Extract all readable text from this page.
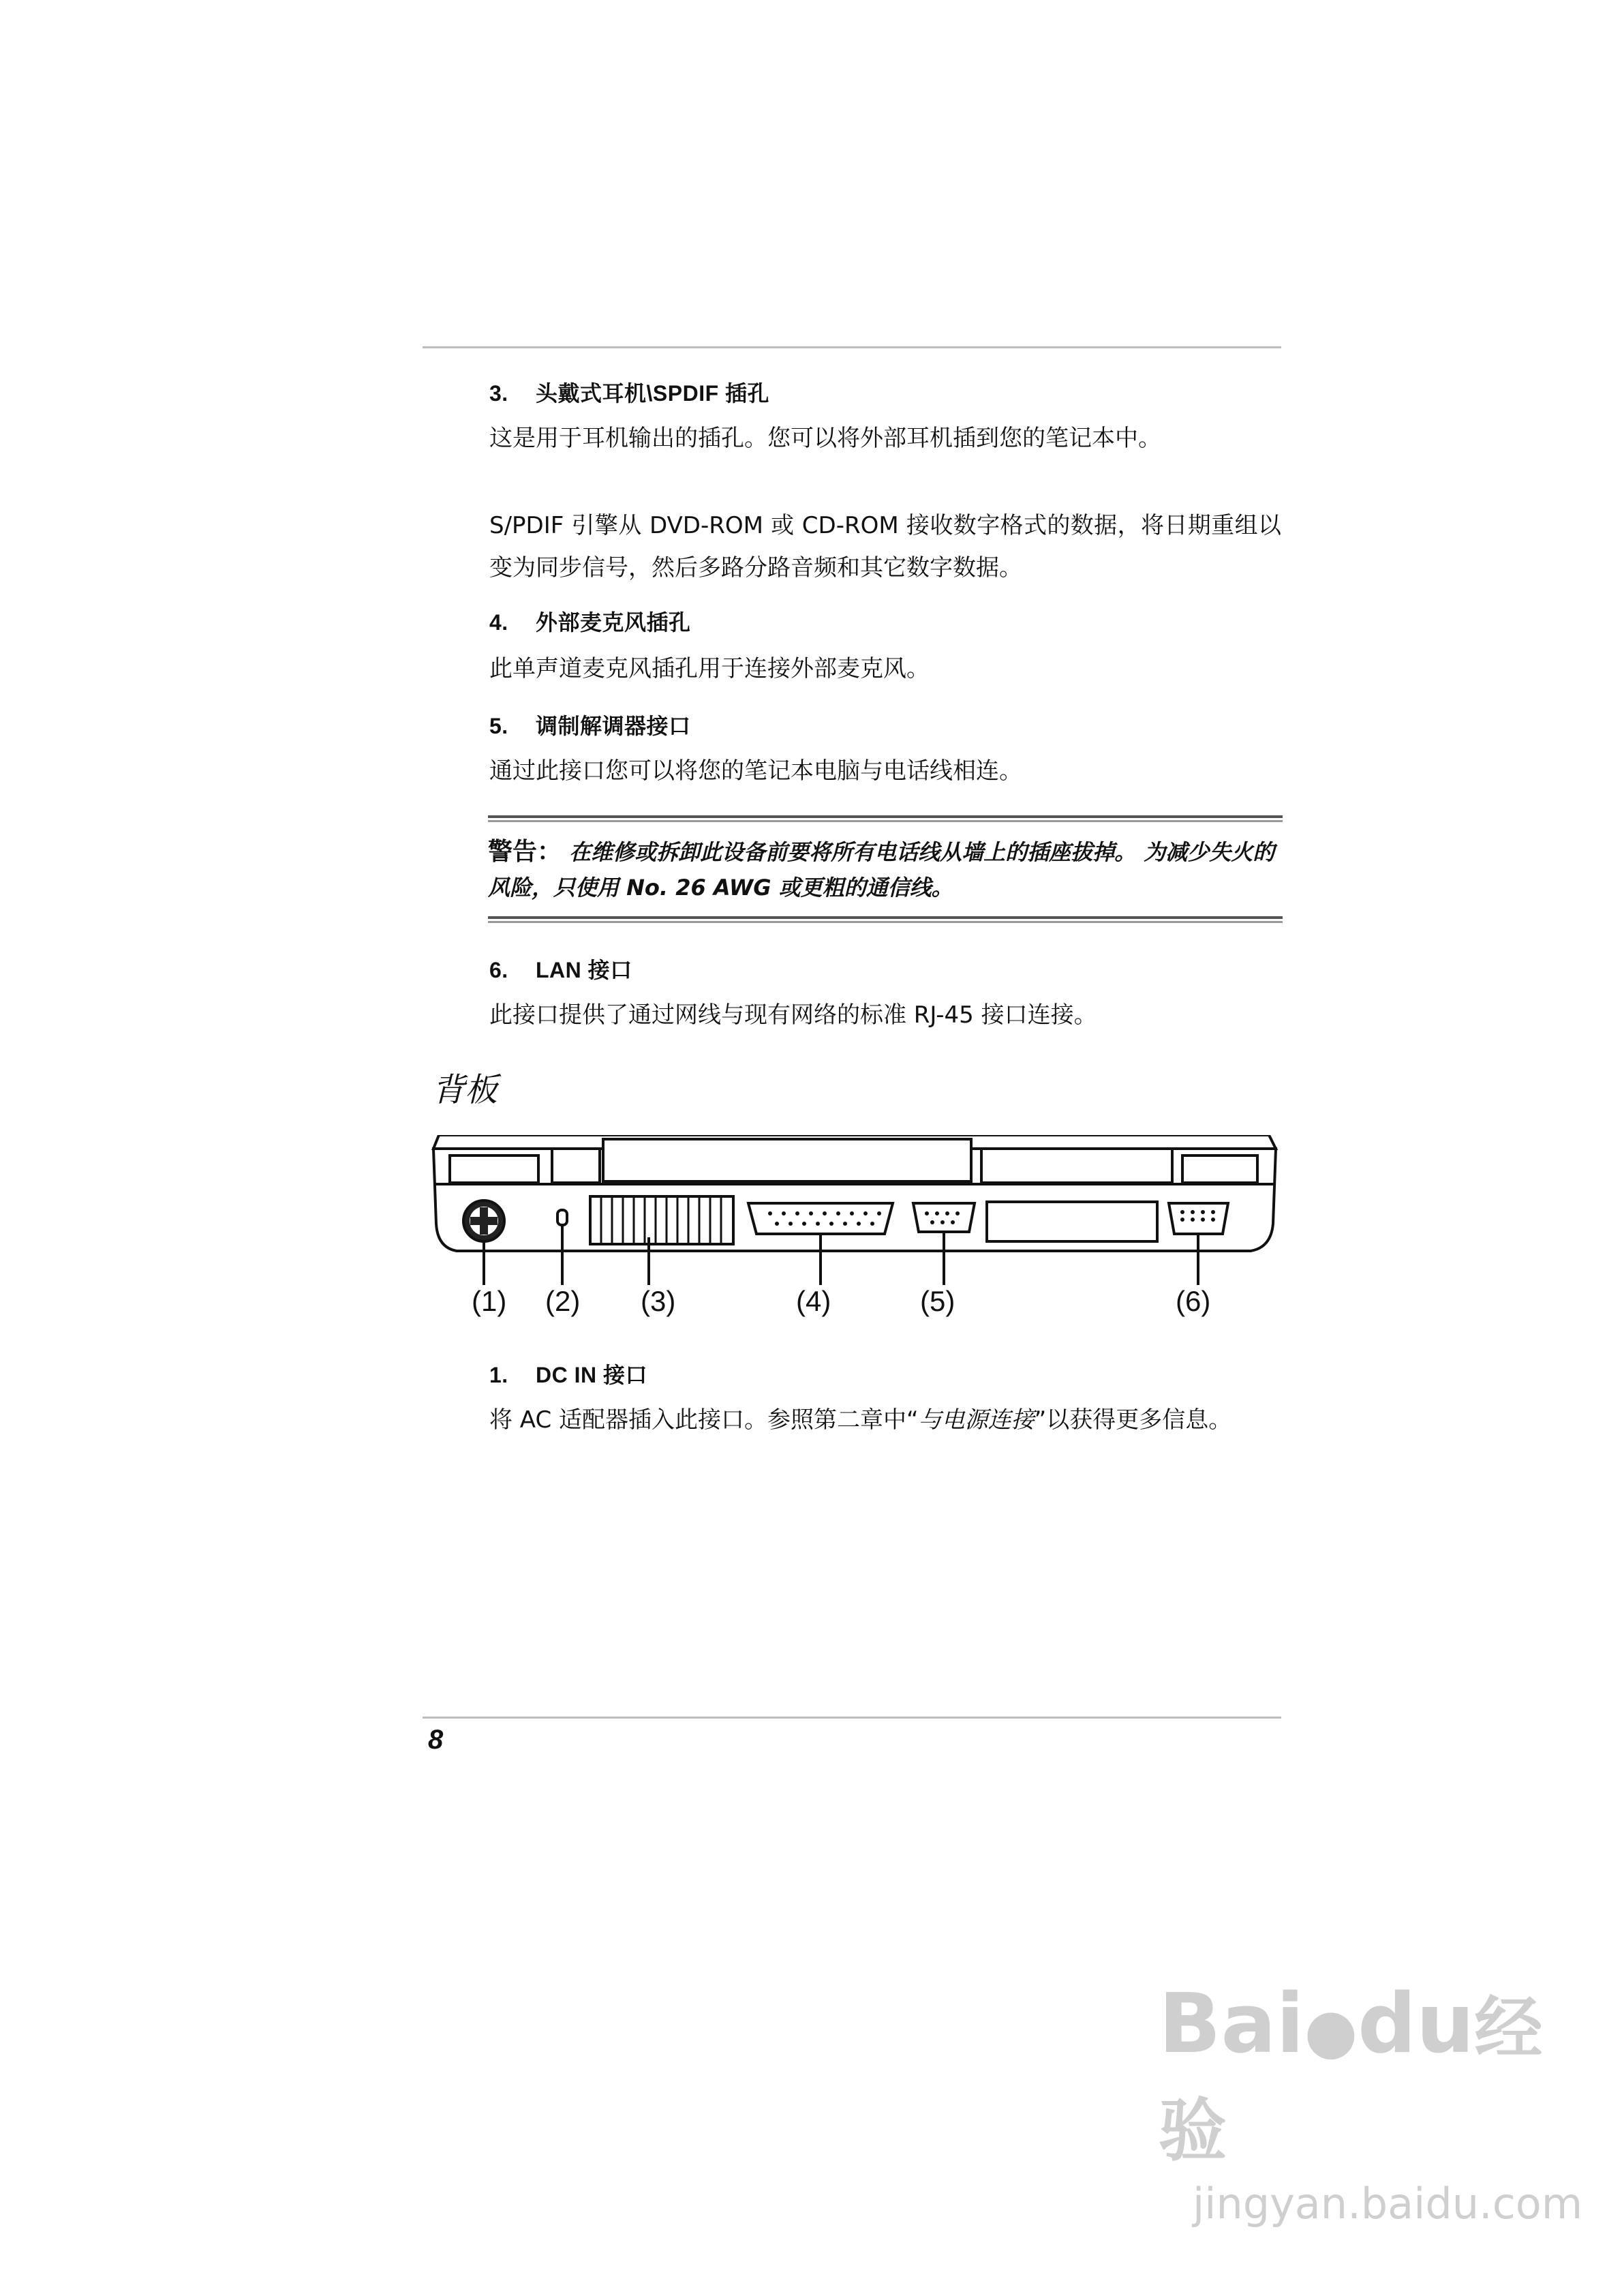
3. 头戴式耳机\SPDIF 插孔
这是用于耳机输出的插孔。您可以将外部耳机插到您的笔记本中。
S/PDIF 引擎从 DVD-ROM 或 CD-ROM 接收数字格式的数据，将日期重组以变为同步信号，然后多路分路音频和其它数字数据。
4. 外部麦克风插孔
此单声道麦克风插孔用于连接外部麦克风。
5. 调制解调器接口
通过此接口您可以将您的笔记本电脑与电话线相连。
警告： 在维修或拆卸此设备前要将所有电话线从墙上的插座拔掉。 为减少失火的风险，只使用 No. 26 AWG 或更粗的通信线。
6. LAN 接口
此接口提供了通过网线与现有网络的标准 RJ-45 接口连接。
背板
(1) (2) (3)	(4)	(5)	(6)
1. DC IN 接口
将 AC 适配器插入此接口。参照第二章中“与电源连接”以获得更多信息。
8
Bai●du经验
jingyan.baidu.com
